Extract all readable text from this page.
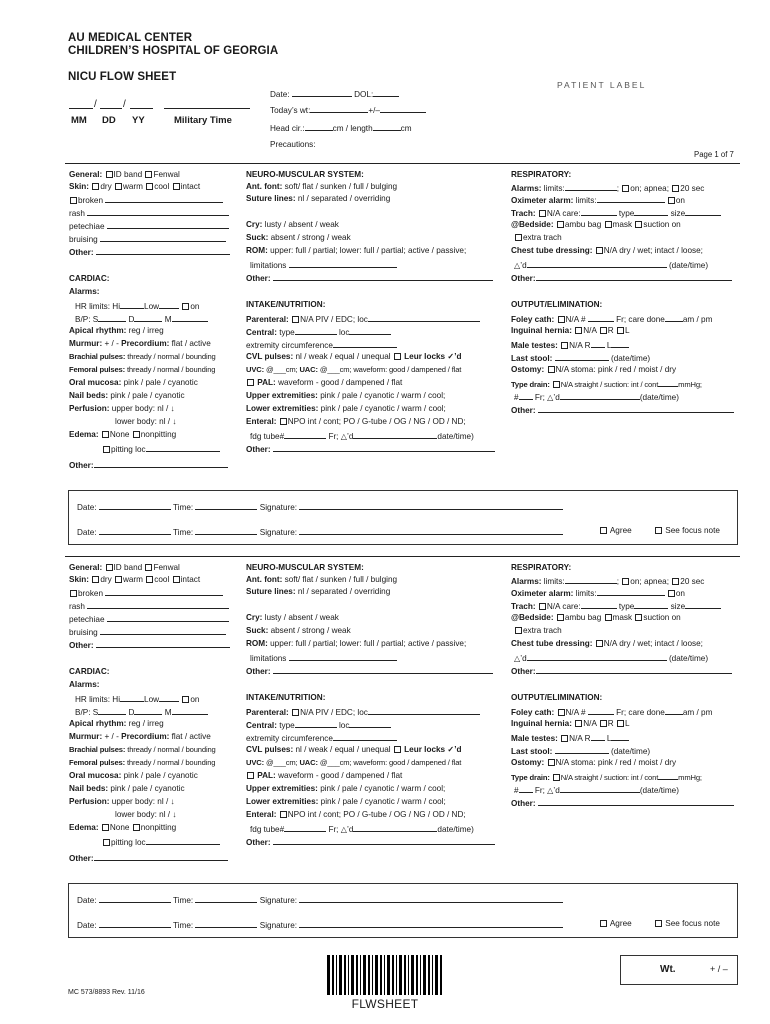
AU MEDICAL CENTER
CHILDREN’S HOSPITAL OF GEORGIA
NICU FLOW SHEET
/	/
MM DD YY	Military Time
Date:	DOL:
Today’s wt:	+/–
Head cir.:	cm / length	cm
Precautions:
PATIENT LABEL
Page 1 of 7
General: ID band Fenwal
Skin: dry warm cool intact
broken
rash
petechiae
bruising
Other:
CARDIAC:
Alarms:
HR limits: Hi	Low	on
B/P: S	D	M
Apical rhythm: reg / irreg
Murmur: + / - Precordium: flat / active
Brachial pulses: thready / normal / bounding
Femoral pulses: thready / normal / bounding
Oral mucosa: pink / pale / cyanotic
Nail beds: pink / pale / cyanotic
Perfusion: upper body: nl / ↓
lower body: nl / ↓
Edema: None nonpitting
pitting loc
Other:
NEURO-MUSCULAR SYSTEM:
Ant. font: soft/ flat / sunken / full / bulging
Suture lines: nl / separated / overriding
Cry: lusty / absent / weak
Suck: absent / strong / weak
ROM: upper: full / partial; lower: full / partial; active / passive;
limitations
Other:
INTAKE/NUTRITION:
Parenteral: N/A PIV / EDC; loc
Central: type	loc
extremity circumference
CVL pulses: nl / weak / equal / unequal Leur locks ✓’d
UVC: @___cm; UAC: @___cm; waveform: good / dampened / flat
PAL: waveform - good / dampened / flat
Upper extremities: pink / pale / cyanotic / warm / cool;
Lower extremities: pink / pale / cyanotic / warm / cool;
Enteral: NPO int / cont; PO / G-tube / OG / NG / OD / ND;
fdg tube#	Fr; △’d	date/time)
Other:
RESPIRATORY:
Alarms: limits:	; on; apnea; 20 sec
Oximeter alarm: limits:	on
Trach: N/A care:	type	size
@Bedside: ambu bag mask suction on
extra trach
Chest tube dressing: N/A dry / wet; intact / loose;
△’d	(date/time)
Other:
OUTPUT/ELIMINATION:
Foley cath: N/A #	Fr; care done am / pm
Inguinal hernia: N/A R L
Male testes: N/A R L
Last stool:	(date/time)
Ostomy: N/A stoma: pink / red / moist / dry
Type drain: N/A straight / suction: int / cont	mmHg;
# Fr; △’d	(date/time)
Other:
Date:	Time:	Signature:
Date:	Time:	Signature:	Agree	See focus note
General: ID band Fenwal
Skin: dry warm cool intact
broken
rash
petechiae
bruising
Other:
CARDIAC:
Alarms:
HR limits: Hi	Low	on
B/P: S	D	M
Apical rhythm: reg / irreg
Murmur: + / - Precordium: flat / active
Brachial pulses: thready / normal / bounding
Femoral pulses: thready / normal / bounding
Oral mucosa: pink / pale / cyanotic
Nail beds: pink / pale / cyanotic
Perfusion: upper body: nl / ↓
lower body: nl / ↓
Edema: None nonpitting
pitting loc
Other:
NEURO-MUSCULAR SYSTEM:
Ant. font: soft/ flat / sunken / full / bulging
Suture lines: nl / separated / overriding
Cry: lusty / absent / weak
Suck: absent / strong / weak
ROM: upper: full / partial; lower: full / partial; active / passive;
limitations
Other:
INTAKE/NUTRITION:
Parenteral: N/A PIV / EDC; loc
Central: type	loc
extremity circumference
CVL pulses: nl / weak / equal / unequal Leur locks ✓’d
UVC: @___cm; UAC: @___cm; waveform: good / dampened / flat
PAL: waveform - good / dampened / flat
Upper extremities: pink / pale / cyanotic / warm / cool;
Lower extremities: pink / pale / cyanotic / warm / cool;
Enteral: NPO int / cont; PO / G-tube / OG / NG / OD / ND;
fdg tube#	Fr; △’d	date/time)
Other:
RESPIRATORY:
Alarms: limits:	; on; apnea; 20 sec
Oximeter alarm: limits:	on
Trach: N/A care:	type	size
@Bedside: ambu bag mask suction on
extra trach
Chest tube dressing: N/A dry / wet; intact / loose;
△’d	(date/time)
Other:
OUTPUT/ELIMINATION:
Foley cath: N/A #	Fr; care done am / pm
Inguinal hernia: N/A R L
Male testes: N/A R L
Last stool:	(date/time)
Ostomy: N/A stoma: pink / red / moist / dry
Type drain: N/A straight / suction: int / cont	mmHg;
# Fr; △’d	(date/time)
Other:
Date:	Time:	Signature:
Date:	Time:	Signature:	Agree	See focus note
Wt.	+ / –
MC 573/8893 Rev. 11/16
FLWSHEET
